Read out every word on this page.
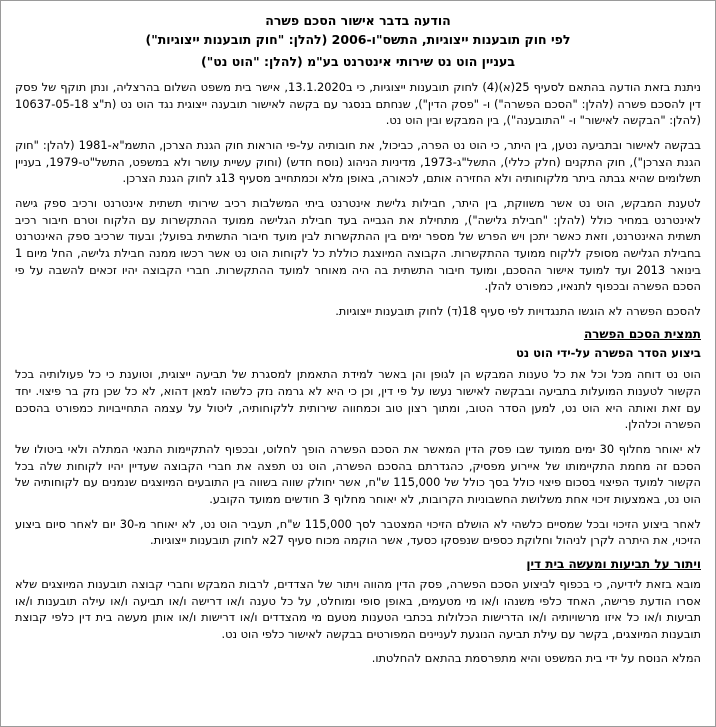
הודעה בדבר אישור הסכם פשרה
לפי חוק תובענות ייצוגיות, התשס"ו-2006 (להלן: "חוק תובענות ייצוגיות")
בעניין הוט נט שירותי אינטרנט בע"מ (להלן: "הוט נט")

ניתנת בזאת הודעה בהתאם לסעיף 25(א)(4) לחוק תובענות ייצוגיות, כי ב13.1.2020, אישר בית משפט השלום בהרצליה, ונתן תוקף של פסק דין להסכם פשרה (להלן: "הסכם הפשרה") ו- "פסק הדין"), שנחתם בנסגר עם בקשה לאישור תובענה ייצוגית נגד הוט נט (ת"צ 10637-05-18 (להלן: "הבקשה לאישור" ו- "התובענה"), בין המבקש ובין הוט נט.

בבקשה לאישור ובתביעה נטען, בין היתר, כי הוט נט הפרה, כביכול, את חובותיה על-פי הוראות חוק הגנת הצרכן, התשמ"א-1981 (להלן: "חוק הגנת הצרכן"), חוק התקנים (חלק כללי), התשל"ג-1973, מדיניות הניהוג (נוסח חדש) (וחוק עשיית עושר ולא במשפט, התשל"ט-1979, בעניין תשלומים שהיא גבתה ביתר מלקוחותיה ולא החזירה אותם, לכאורה, באופן מלא וכמתחייב מסעיף 13ג לחוק הגנת הצרכן.

לטענת המבקש, הוט נט אשר משווקת, בין היתר, חבילות גלישת אינטרנט ביתי המשלבות רכיב שירותי תשתית אינטרנט ורכיב ספק גישה לאינטרנט במחיר כולל (להלן: "חבילת גלישה"), מתחילת את הגבייה בעד חבילת הגלישה ממועד ההתקשרות עם הלקוח וטרם חיבור רכיב תשתית האינטרנט, וזאת כאשר יתכן ויש הפרש של מספר ימים בין ההתקשרות לבין מועד חיבור התשתית בפועל; ובעוד שרכיב ספק האינטרנט בחבילת הגלישה מסופק ללקוח ממועד ההתקשרות. הקבוצה המיוצגת כוללת כל לקוחות הוט נט אשר רכשו ממנה חבילת גלישה, החל מיום 1 בינואר 2013 ועד למועד אישור ההסכם, ומועד חיבור התשתית בה היה מאוחר למועד ההתקשרות. חברי הקבוצה יהיו זכאים להשבה על פי הסכם הפשרה ובכפוף לתנאיו, כמפורט להלן.

להסכם הפשרה לא הוגשו התנגדויות לפי סעיף 18(ד) לחוק תובענות ייצוגיות.

תמצית הסכם הפשרה
ביצוע הסדר הפשרה על-ידי הוט נט

הוט נט דוחה מכל וכל את כל טענות המבקש הן לגופן והן באשר למידת התאמתן למסגרת של תביעה ייצוגית, וטוענת כי כל פעולותיה בכל הקשור לטענות המועלות בתביעה ובבקשה לאישור נעשו על פי דין, וכן כי היא לא גרמה נזק כלשהו למאן דהוא, לא כל שכן נזק בר פיצוי. יחד עם זאת ואותה היא הוט נט, למען הסדר הטוב, ומתוך רצון טוב וכמחווה שירותית ללקוחותיה, ליטול על עצמה התחייבויות כמפורט בהסכם הפשרה וכלהלן.

לא יאוחר מחלוף 30 ימים ממועד שבו פסק הדין המאשר את הסכם הפשרה הופך לחלוט, ובכפוף להתקיימות התנאי המתלה ולאי ביטולו של הסכם זה מחמת התקיימותו של איירוע מפסיק, כהגדרתם בהסכם הפשרה, הוט נט תפצה את חברי הקבוצה שעדיין יהיו לקוחות שלה בכל הקשור למועד הפיצוי בסכום פיצוי כולל בסך כולל של 115,000 ש"ח, אשר יחולק שווה בשווה בין התובעים המיוצגים שנמנים עם לקוחותיה של הוט נט, באמצעות זיכוי אחת משלושת החשבוניות הקרובות, לא יאוחר מחלוף 3 חודשים ממועד הקובע.

לאחר ביצוע הזיכוי ובכל שמסיים כלשהי לא הושלם הזיכוי המצטבר לסך 115,000 ש"ח, תעביר הוט נט, לא יאוחר מ-30 יום לאחר סיום ביצוע הזיכוי, את היתרה לקרן לניהול וחלוקת כספים שנפסקו כסעד, אשר הוקמה מכוח סעיף 27א לחוק תובענות ייצוגיות.

ויתור על תביעות ומעשה בית דין

מובא בזאת לידיעה, כי בכפוף לביצוע הסכם הפשרה, פסק הדין מהווה ויתור של הצדדים, לרבות המבקש וחברי קבוצה תובענות המיוצגים שלא אסרו הודעת פרישה, האחד כלפי משנהו ו/או מי מטעמים, באופן סופי ומוחלט, על כל טענה ו/או דרישה ו/או תביעה ו/או עילה תובענות ו/או תביעות ו/או כל איזו מרשויותיה ו/או הדרישות הכלולות בכתבי הטענות מטעם מי מהצדדים ו/או דרישות ו/או אותן מעשה בית דין כלפי קבוצת תובענות המיוצגים, בקשר עם עילת תביעה הנוגעת לעניינים המפורטים בבקשה לאישור כלפי הוט נט.

המלא הנוסח על ידי בית המשפט והיא מתפרסמת בהתאם להחלטתו.
